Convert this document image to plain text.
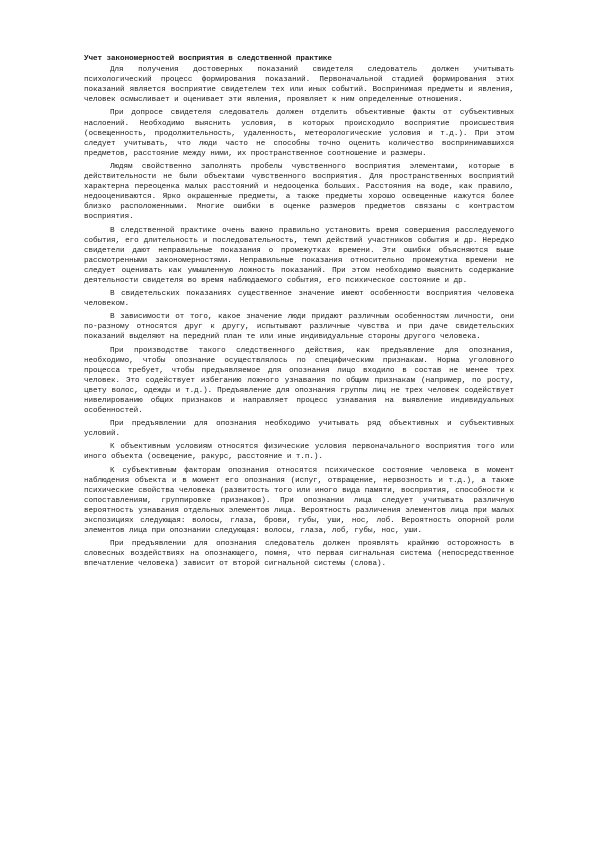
Учет закономерностей восприятия в следственной практике

Для получения достоверных показаний свидетеля следователь должен учитывать психологический процесс формирования показаний. Первоначальной стадией формирования этих показаний является восприятие свидетелем тех или иных событий. Воспринимая предметы и явления, человек осмысливает и оценивает эти явления, проявляет к ним определенные отношения.

При допросе свидетеля следователь должен отделить объективные факты от субъективных наслоений. Необходимо выяснить условия, в которых происходило восприятие происшествия (освещенность, продолжительность, удаленность, метеорологические условия и т.д.). При этом следует учитывать, что люди часто не способны точно оценить количество воспринимавшихся предметов, расстояние между ними, их пространственное соотношение и размеры.

Людям свойственно заполнять пробелы чувственного восприятия элементами, которые в действительности не были объектами чувственного восприятия. Для пространственных восприятий характерна переоценка малых расстояний и недооценка больших. Расстояния на воде, как правило, недооцениваются. Ярко окрашенные предметы, а также предметы хорошо освещенные кажутся более близко расположенными. Многие ошибки в оценке размеров предметов связаны с контрастом восприятия.

В следственной практике очень важно правильно установить время совершения расследуемого события, его длительность и последовательность, темп действий участников события и др. Нередко свидетели дают неправильные показания о промежутках времени. Эти ошибки объясняются выше рассмотренными закономерностями. Неправильные показания относительно промежутка времени не следует оценивать как умышленную ложность показаний. При этом необходимо выяснить содержание деятельности свидетеля во время наблюдаемого события, его психическое состояние и др.

В свидетельских показаниях существенное значение имеют особенности восприятия человека человеком.

В зависимости от того, какое значение люди придают различным особенностям личности, они по-разному относятся друг к другу, испытывают различные чувства и при даче свидетельских показаний выделяют на передний план те или иные индивидуальные стороны другого человека.

При производстве такого следственного действия, как предъявление для опознания, необходимо, чтобы опознание осуществлялось по специфическим признакам. Норма уголовного процесса требует, чтобы предъявляемое для опознания лицо входило в состав не менее трех человек. Это содействует избеганию ложного узнавания по общим признакам (например, по росту, цвету волос, одежды и т.д.). Предъявление для опознания группы лиц не трех человек содействует нивелированию общих признаков и направляет процесс узнавания на выявление индивидуальных особенностей.

При предъявлении для опознания необходимо учитывать ряд объективных и субъективных условий.

К объективным условиям относятся физические условия первоначального восприятия того или иного объекта (освещение, ракурс, расстояние и т.п.).

К субъективным факторам опознания относятся психическое состояние человека в момент наблюдения объекта и в момент его опознания (испуг, отвращение, нервозность и т.д.), а также психические свойства человека (развитость того или иного вида памяти, восприятия, способности к сопоставлениям, группировке признаков). При опознании лица следует учитывать различную вероятность узнавания отдельных элементов лица. Вероятность различения элементов лица при малых экспозициях следующая: волосы, глаза, брови, губы, уши, нос, лоб. Вероятность опорной роли элементов лица при опознании следующая: волосы, глаза, лоб, губы, нос, уши.

При предъявлении для опознания следователь должен проявлять крайнюю осторожность в словесных воздействиях на опознающего, помня, что первая сигнальная система (непосредственное впечатление человека) зависит от второй сигнальной системы (слова).
